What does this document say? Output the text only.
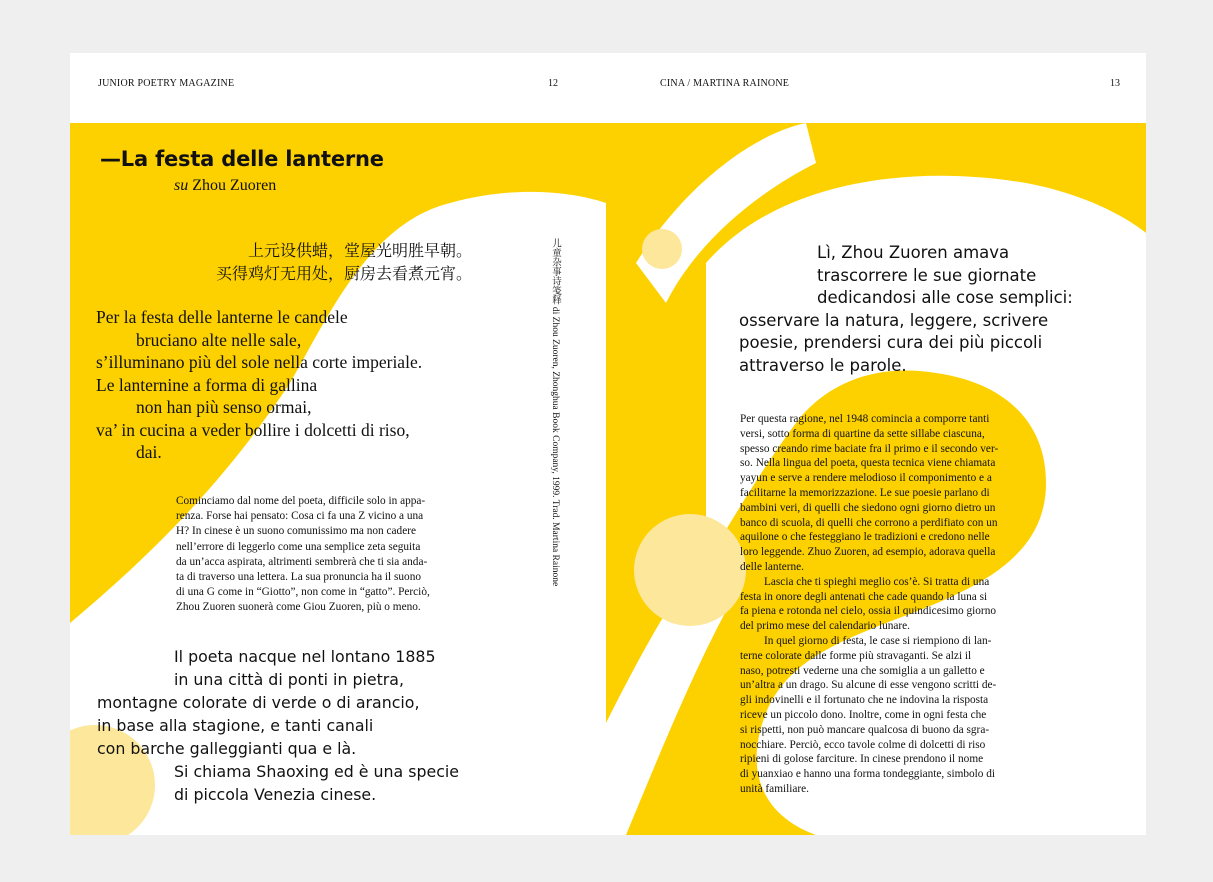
JUNIOR POETRY MAGAZINE	12
—La festa delle lanterne
su Zhou Zuoren
上元设供蜡，堂屋光明胜早朝。
买得鸡灯无用处，厨房去看煮元宵。
Per la festa delle lanterne le candele
bruciano alte nelle sale,
s’illuminano più del sole nella corte imperiale.
Le lanternine a forma di gallina
non han più senso ormai,
va’ in cucina a veder bollire i dolcetti di riso,
dai.
Cominciamo dal nome del poeta, difficile solo in appa-
renza. Forse hai pensato: Cosa ci fa una Z vicino a una
H? In cinese è un suono comunissimo ma non cadere
nell’errore di leggerlo come una semplice zeta seguita
da un’acca aspirata, altrimenti sembrerà che ti sia anda-
ta di traverso una lettera. La sua pronuncia ha il suono
di una G come in “Giotto”, non come in “gatto”. Perciò,
Zhou Zuoren suonerà come Giou Zuoren, più o meno.
Il poeta nacque nel lontano 1885
in una città di ponti in pietra,
montagne colorate di verde o di arancio,
in base alla stagione, e tanti canali
con barche galleggianti qua e là.
Si chiama Shaoxing ed è una specie
di piccola Venezia cinese.
儿童杂事诗笺释 di Zhou Zuoren, Zhonghua Book Company, 1999. Trad. Martina Rainone
CINA / MARTINA RAINONE	13
Lì, Zhou Zuoren amava
trascorrere le sue giornate
dedicandosi alle cose semplici:
osservare la natura, leggere, scrivere
poesie, prendersi cura dei più piccoli
attraverso le parole.
Per questa ragione, nel 1948 comincia a comporre tanti
versi, sotto forma di quartine da sette sillabe ciascuna,
spesso creando rime baciate fra il primo e il secondo ver-
so. Nella lingua del poeta, questa tecnica viene chiamata
yayun e serve a rendere melodioso il componimento e a
facilitarne la memorizzazione. Le sue poesie parlano di
bambini veri, di quelli che siedono ogni giorno dietro un
banco di scuola, di quelli che corrono a perdifiato con un
aquilone o che festeggiano le tradizioni e credono nelle
loro leggende. Zhuo Zuoren, ad esempio, adorava quella
delle lanterne.
Lascia che ti spieghi meglio cos’è. Si tratta di una
festa in onore degli antenati che cade quando la luna si
fa piena e rotonda nel cielo, ossia il quindicesimo giorno
del primo mese del calendario lunare.
In quel giorno di festa, le case si riempiono di lan-
terne colorate dalle forme più stravaganti. Se alzi il
naso, potresti vederne una che somiglia a un galletto e
un’altra a un drago. Su alcune di esse vengono scritti de-
gli indovinelli e il fortunato che ne indovina la risposta
riceve un piccolo dono. Inoltre, come in ogni festa che
si rispetti, non può mancare qualcosa di buono da sgra-
nocchiare. Perciò, ecco tavole colme di dolcetti di riso
ripieni di golose farciture. In cinese prendono il nome
di yuanxiao e hanno una forma tondeggiante, simbolo di
unità familiare.
